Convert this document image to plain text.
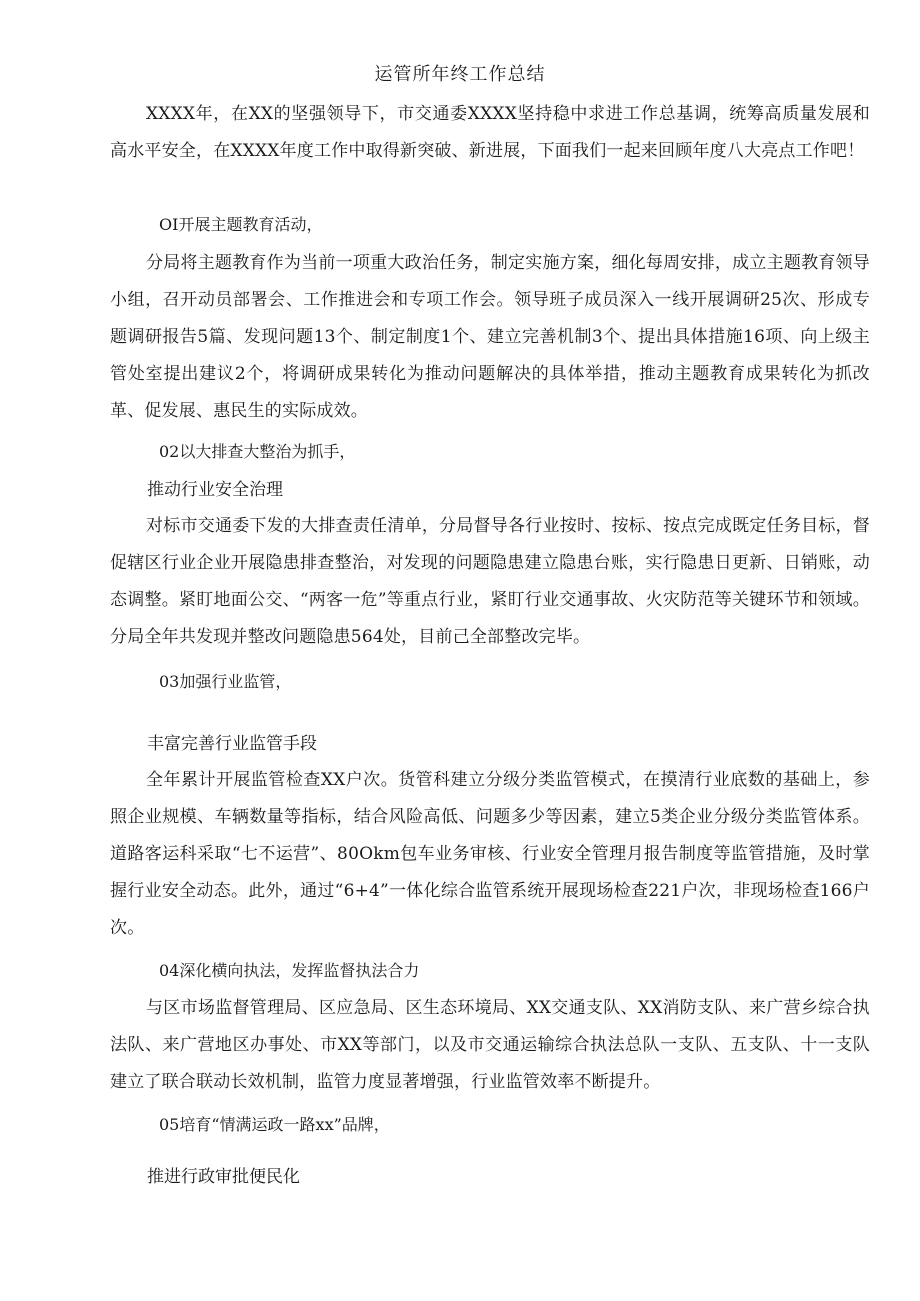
运管所年终工作总结
XXXX年，在XX的坚强领导下，市交通委XXXX坚持稳中求进工作总基调，统筹高质量发展和高水平安全，在XXXX年度工作中取得新突破、新进展，下面我们一起来回顾年度八大亮点工作吧！
OI开展主题教育活动，
分局将主题教育作为当前一项重大政治任务，制定实施方案，细化每周安排，成立主题教育领导小组，召开动员部署会、工作推进会和专项工作会。领导班子成员深入一线开展调研25次、形成专题调研报告5篇、发现问题13个、制定制度1个、建立完善机制3个、提出具体措施16项、向上级主管处室提出建议2个，将调研成果转化为推动问题解决的具体举措，推动主题教育成果转化为抓改革、促发展、惠民生的实际成效。
02以大排查大整治为抓手，
推动行业安全治理
对标市交通委下发的大排查责任清单，分局督导各行业按时、按标、按点完成既定任务目标，督促辖区行业企业开展隐患排查整治，对发现的问题隐患建立隐患台账，实行隐患日更新、日销账，动态调整。紧盯地面公交、“两客一危”等重点行业，紧盯行业交通事故、火灾防范等关键环节和领域。分局全年共发现并整改问题隐患564处，目前己全部整改完毕。
03加强行业监管，
丰富完善行业监管手段
全年累计开展监管检查XX户次。货管科建立分级分类监管模式，在摸清行业底数的基础上，参照企业规模、车辆数量等指标，结合风险高低、问题多少等因素，建立5类企业分级分类监管体系。道路客运科采取“七不运营”、80Okm包车业务审核、行业安全管理月报告制度等监管措施，及时掌握行业安全动态。此外，通过“6+4”一体化综合监管系统开展现场检查221户次，非现场检查166户次。
04深化横向执法，发挥监督执法合力
与区市场监督管理局、区应急局、区生态环境局、XX交通支队、XX消防支队、来广营乡综合执法队、来广营地区办事处、市XX等部门，以及市交通运输综合执法总队一支队、五支队、十一支队建立了联合联动长效机制，监管力度显著增强，行业监管效率不断提升。
05培育“情满运政一路xx”品牌，
推进行政审批便民化
